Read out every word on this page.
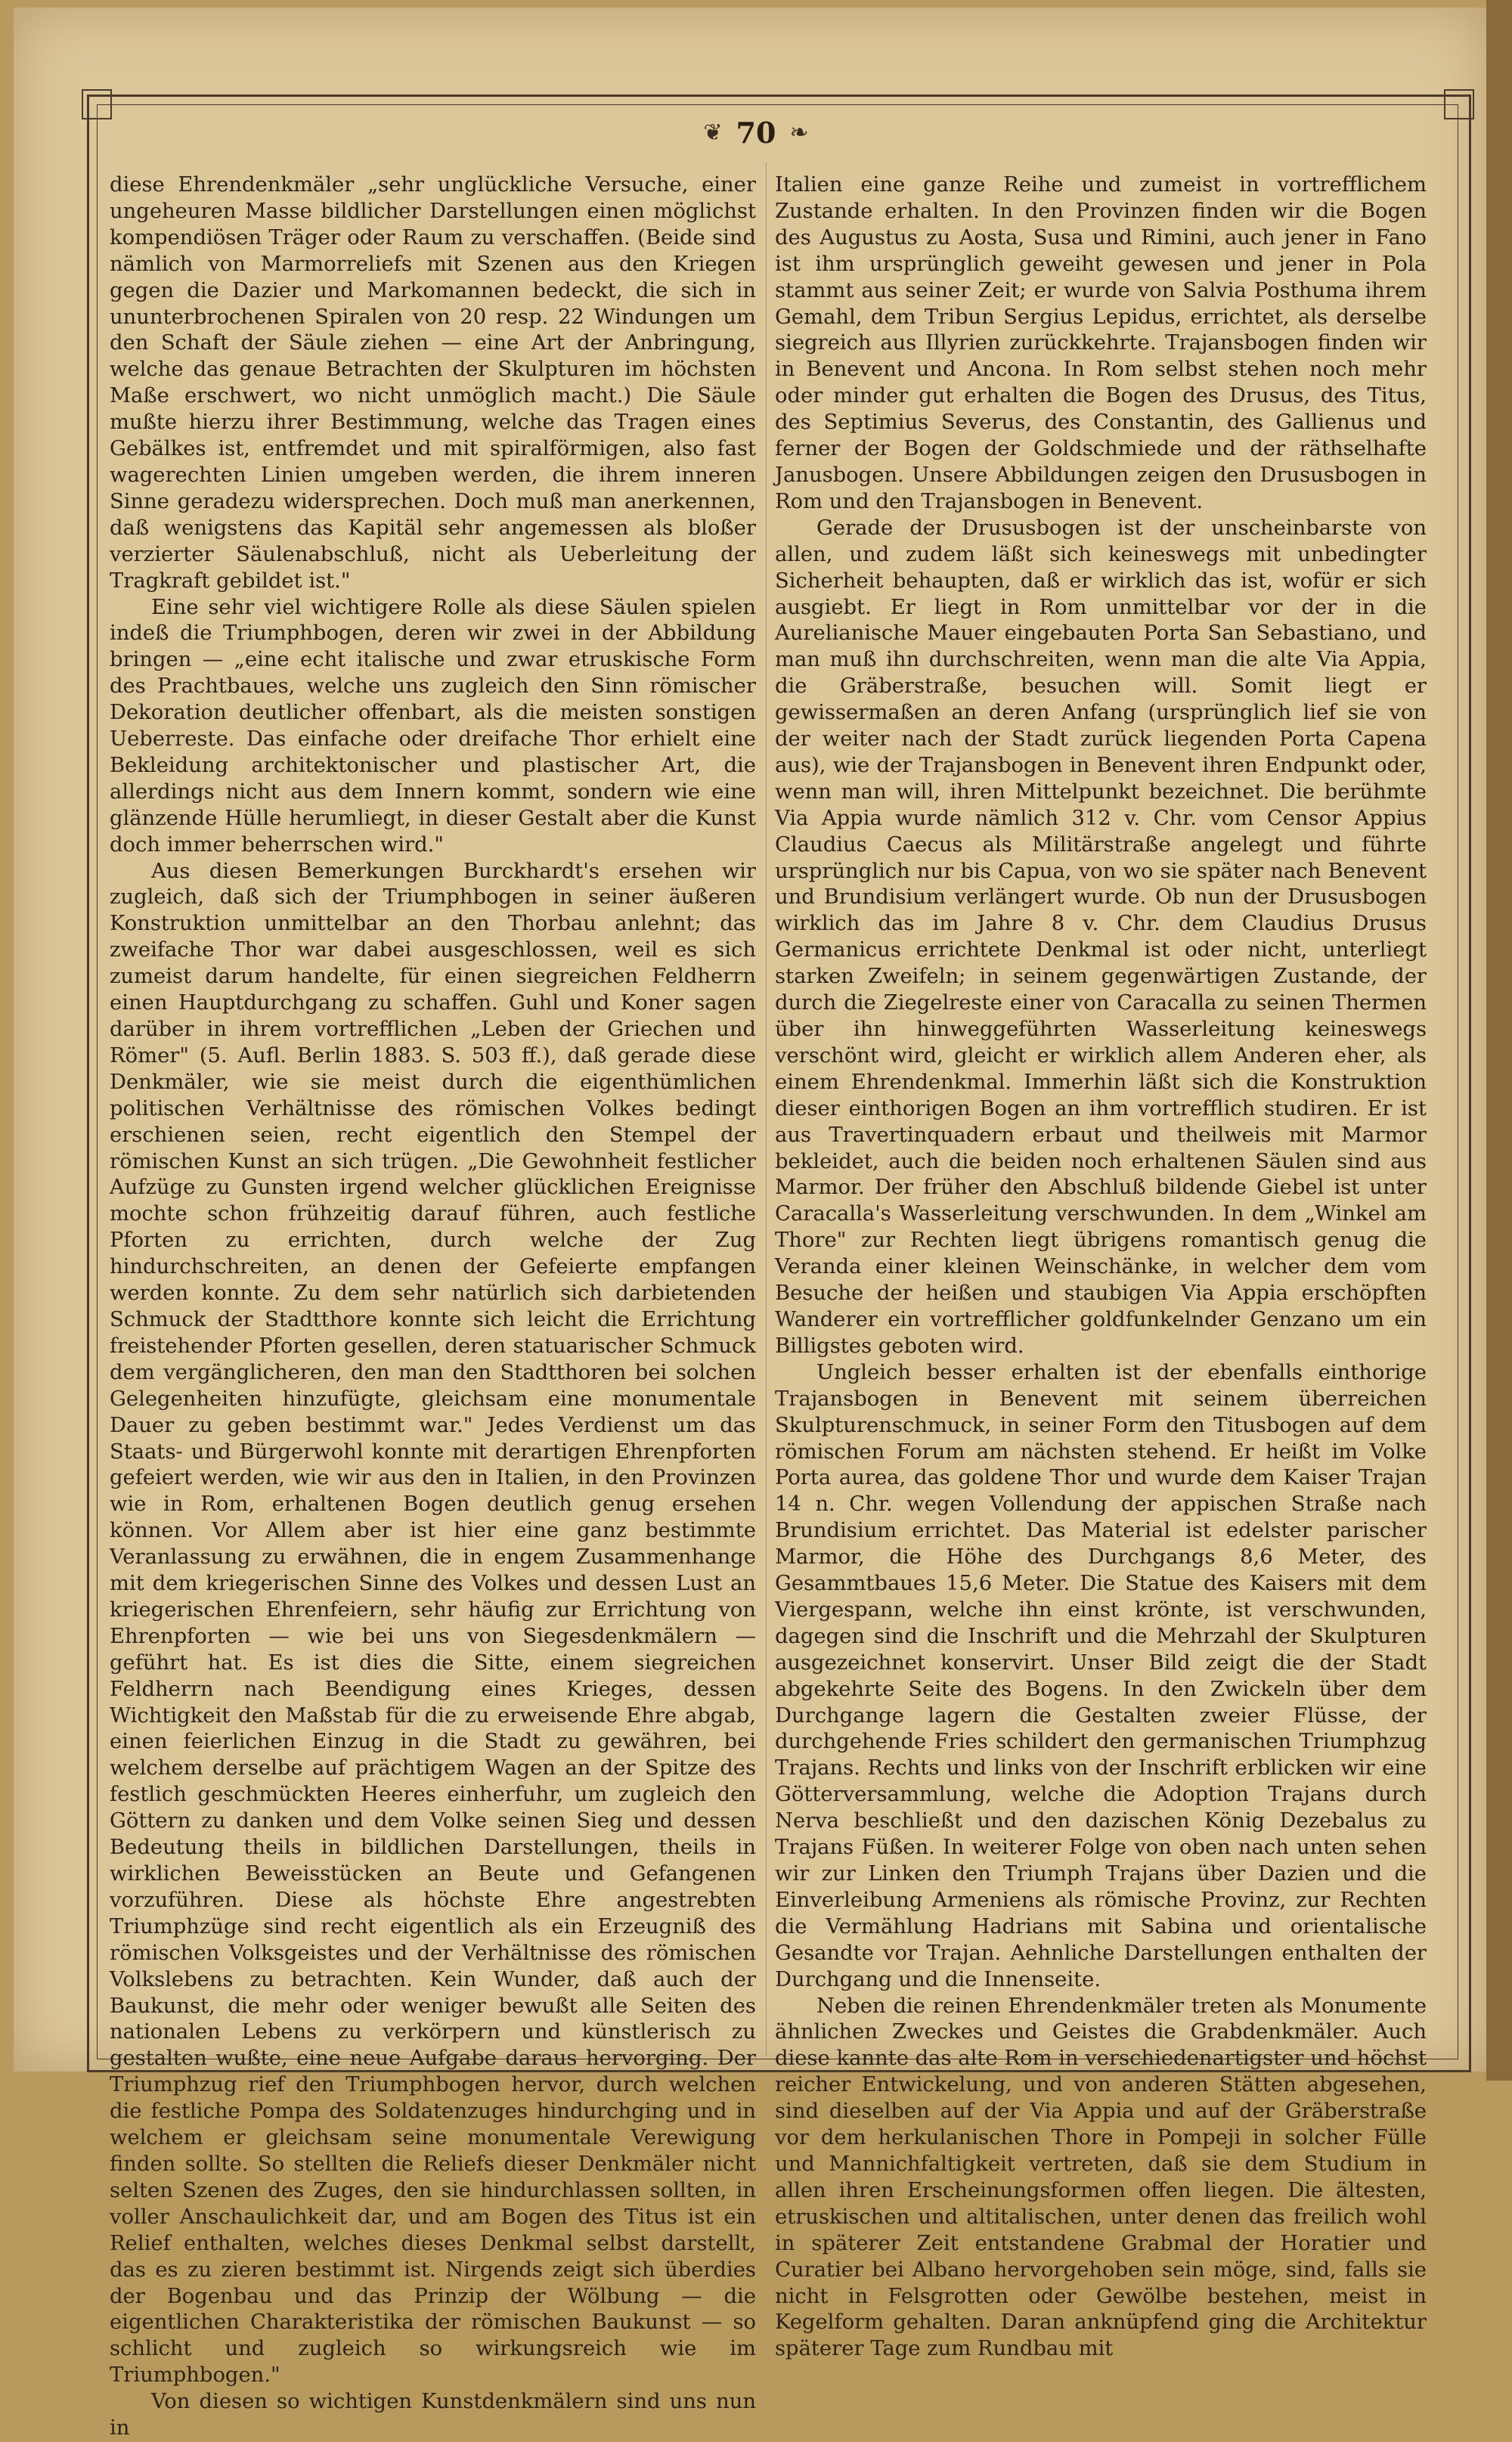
❦ 70 ❧

diese Ehrendenkmäler „sehr unglückliche Versuche, einer ungeheuren Masse bildlicher Darstellungen einen möglichst kompendiösen Träger oder Raum zu verschaffen. (Beide sind nämlich von Marmorreliefs mit Szenen aus den Kriegen gegen die Dazier und Markomannen bedeckt, die sich in ununterbrochenen Spiralen von 20 resp. 22 Windungen um den Schaft der Säule ziehen — eine Art der Anbringung, welche das genaue Betrachten der Skulpturen im höchsten Maße erschwert, wo nicht unmöglich macht.) Die Säule mußte hierzu ihrer Bestimmung, welche das Tragen eines Gebälkes ist, entfremdet und mit spiralförmigen, also fast wagerechten Linien umgeben werden, die ihrem inneren Sinne geradezu widersprechen. Doch muß man anerkennen, daß wenigstens das Kapitäl sehr angemessen als bloßer verzierter Säulenabschluß, nicht als Ueberleitung der Tragkraft gebildet ist."

Eine sehr viel wichtigere Rolle als diese Säulen spielen indeß die Triumphbogen, deren wir zwei in der Abbildung bringen — „eine echt italische und zwar etruskische Form des Prachtbaues, welche uns zugleich den Sinn römischer Dekoration deutlicher offenbart, als die meisten sonstigen Ueberreste. Das einfache oder dreifache Thor erhielt eine Bekleidung architektonischer und plastischer Art, die allerdings nicht aus dem Innern kommt, sondern wie eine glänzende Hülle herumliegt, in dieser Gestalt aber die Kunst doch immer beherrschen wird."

Aus diesen Bemerkungen Burckhardt's ersehen wir zugleich, daß sich der Triumphbogen in seiner äußeren Konstruktion unmittelbar an den Thorbau anlehnt; das zweifache Thor war dabei ausgeschlossen, weil es sich zumeist darum handelte, für einen siegreichen Feldherrn einen Hauptdurchgang zu schaffen. Guhl und Koner sagen darüber in ihrem vortrefflichen „Leben der Griechen und Römer" (5. Aufl. Berlin 1883. S. 503 ff.), daß gerade diese Denkmäler, wie sie meist durch die eigenthümlichen politischen Verhältnisse des römischen Volkes bedingt erschienen seien, recht eigentlich den Stempel der römischen Kunst an sich trügen. „Die Gewohnheit festlicher Aufzüge zu Gunsten irgend welcher glücklichen Ereignisse mochte schon frühzeitig darauf führen, auch festliche Pforten zu errichten, durch welche der Zug hindurchschreiten, an denen der Gefeierte empfangen werden konnte. Zu dem sehr natürlich sich darbietenden Schmuck der Stadtthore konnte sich leicht die Errichtung freistehender Pforten gesellen, deren statuarischer Schmuck dem vergänglicheren, den man den Stadtthoren bei solchen Gelegenheiten hinzufügte, gleichsam eine monumentale Dauer zu geben bestimmt war." Jedes Verdienst um das Staats- und Bürgerwohl konnte mit derartigen Ehrenpforten gefeiert werden, wie wir aus den in Italien, in den Provinzen wie in Rom, erhaltenen Bogen deutlich genug ersehen können. Vor Allem aber ist hier eine ganz bestimmte Veranlassung zu erwähnen, die in engem Zusammenhange mit dem kriegerischen Sinne des Volkes und dessen Lust an kriegerischen Ehrenfeiern, sehr häufig zur Errichtung von Ehrenpforten — wie bei uns von Siegesdenkmälern — geführt hat. Es ist dies die Sitte, einem siegreichen Feldherrn nach Beendigung eines Krieges, dessen Wichtigkeit den Maßstab für die zu erweisende Ehre abgab, einen feierlichen Einzug in die Stadt zu gewähren, bei welchem derselbe auf prächtigem Wagen an der Spitze des festlich geschmückten Heeres einherfuhr, um zugleich den Göttern zu danken und dem Volke seinen Sieg und dessen Bedeutung theils in bildlichen Darstellungen, theils in wirklichen Beweisstücken an Beute und Gefangenen vorzuführen. Diese als höchste Ehre angestrebten Triumphzüge sind recht eigentlich als ein Erzeugniß des römischen Volksgeistes und der Verhältnisse des römischen Volkslebens zu betrachten. Kein Wunder, daß auch der Baukunst, die mehr oder weniger bewußt alle Seiten des nationalen Lebens zu verkörpern und künstlerisch zu gestalten wußte, eine neue Aufgabe daraus hervorging. Der Triumphzug rief den Triumphbogen hervor, durch welchen die festliche Pompa des Soldatenzuges hindurchging und in welchem er gleichsam seine monumentale Verewigung finden sollte. So stellten die Reliefs dieser Denkmäler nicht selten Szenen des Zuges, den sie hindurchlassen sollten, in voller Anschaulichkeit dar, und am Bogen des Titus ist ein Relief enthalten, welches dieses Denkmal selbst darstellt, das es zu zieren bestimmt ist. Nirgends zeigt sich überdies der Bogenbau und das Prinzip der Wölbung — die eigentlichen Charakteristika der römischen Baukunst — so schlicht und zugleich so wirkungsreich wie im Triumphbogen."

Von diesen so wichtigen Kunstdenkmälern sind uns nun in

Italien eine ganze Reihe und zumeist in vortrefflichem Zustande erhalten. In den Provinzen finden wir die Bogen des Augustus zu Aosta, Susa und Rimini, auch jener in Fano ist ihm ursprünglich geweiht gewesen und jener in Pola stammt aus seiner Zeit; er wurde von Salvia Posthuma ihrem Gemahl, dem Tribun Sergius Lepidus, errichtet, als derselbe siegreich aus Illyrien zurückkehrte. Trajansbogen finden wir in Benevent und Ancona. In Rom selbst stehen noch mehr oder minder gut erhalten die Bogen des Drusus, des Titus, des Septimius Severus, des Constantin, des Gallienus und ferner der Bogen der Goldschmiede und der räthselhafte Janusbogen. Unsere Abbildungen zeigen den Drususbogen in Rom und den Trajansbogen in Benevent.

Gerade der Drususbogen ist der unscheinbarste von allen, und zudem läßt sich keineswegs mit unbedingter Sicherheit behaupten, daß er wirklich das ist, wofür er sich ausgiebt. Er liegt in Rom unmittelbar vor der in die Aurelianische Mauer eingebauten Porta San Sebastiano, und man muß ihn durchschreiten, wenn man die alte Via Appia, die Gräberstraße, besuchen will. Somit liegt er gewissermaßen an deren Anfang (ursprünglich lief sie von der weiter nach der Stadt zurück liegenden Porta Capena aus), wie der Trajansbogen in Benevent ihren Endpunkt oder, wenn man will, ihren Mittelpunkt bezeichnet. Die berühmte Via Appia wurde nämlich 312 v. Chr. vom Censor Appius Claudius Caecus als Militärstraße angelegt und führte ursprünglich nur bis Capua, von wo sie später nach Benevent und Brundisium verlängert wurde. Ob nun der Drususbogen wirklich das im Jahre 8 v. Chr. dem Claudius Drusus Germanicus errichtete Denkmal ist oder nicht, unterliegt starken Zweifeln; in seinem gegenwärtigen Zustande, der durch die Ziegelreste einer von Caracalla zu seinen Thermen über ihn hinweggeführten Wasserleitung keineswegs verschönt wird, gleicht er wirklich allem Anderen eher, als einem Ehrendenkmal. Immerhin läßt sich die Konstruktion dieser einthorigen Bogen an ihm vortrefflich studiren. Er ist aus Travertinquadern erbaut und theilweis mit Marmor bekleidet, auch die beiden noch erhaltenen Säulen sind aus Marmor. Der früher den Abschluß bildende Giebel ist unter Caracalla's Wasserleitung verschwunden. In dem „Winkel am Thore" zur Rechten liegt übrigens romantisch genug die Veranda einer kleinen Weinschänke, in welcher dem vom Besuche der heißen und staubigen Via Appia erschöpften Wanderer ein vortrefflicher goldfunkelnder Genzano um ein Billigstes geboten wird.

Ungleich besser erhalten ist der ebenfalls einthorige Trajansbogen in Benevent mit seinem überreichen Skulpturenschmuck, in seiner Form den Titusbogen auf dem römischen Forum am nächsten stehend. Er heißt im Volke Porta aurea, das goldene Thor und wurde dem Kaiser Trajan 14 n. Chr. wegen Vollendung der appischen Straße nach Brundisium errichtet. Das Material ist edelster parischer Marmor, die Höhe des Durchgangs 8,6 Meter, des Gesammtbaues 15,6 Meter. Die Statue des Kaisers mit dem Viergespann, welche ihn einst krönte, ist verschwunden, dagegen sind die Inschrift und die Mehrzahl der Skulpturen ausgezeichnet konservirt. Unser Bild zeigt die der Stadt abgekehrte Seite des Bogens. In den Zwickeln über dem Durchgange lagern die Gestalten zweier Flüsse, der durchgehende Fries schildert den germanischen Triumphzug Trajans. Rechts und links von der Inschrift erblicken wir eine Götterversammlung, welche die Adoption Trajans durch Nerva beschließt und den dazischen König Dezebalus zu Trajans Füßen. In weiterer Folge von oben nach unten sehen wir zur Linken den Triumph Trajans über Dazien und die Einverleibung Armeniens als römische Provinz, zur Rechten die Vermählung Hadrians mit Sabina und orientalische Gesandte vor Trajan. Aehnliche Darstellungen enthalten der Durchgang und die Innenseite.

Neben die reinen Ehrendenkmäler treten als Monumente ähnlichen Zweckes und Geistes die Grabdenkmäler. Auch diese kannte das alte Rom in verschiedenartigster und höchst reicher Entwickelung, und von anderen Stätten abgesehen, sind dieselben auf der Via Appia und auf der Gräberstraße vor dem herkulanischen Thore in Pompeji in solcher Fülle und Mannichfaltigkeit vertreten, daß sie dem Studium in allen ihren Erscheinungsformen offen liegen. Die ältesten, etruskischen und altitalischen, unter denen das freilich wohl in späterer Zeit entstandene Grabmal der Horatier und Curatier bei Albano hervorgehoben sein möge, sind, falls sie nicht in Felsgrotten oder Gewölbe bestehen, meist in Kegelform gehalten. Daran anknüpfend ging die Architektur späterer Tage zum Rundbau mit
